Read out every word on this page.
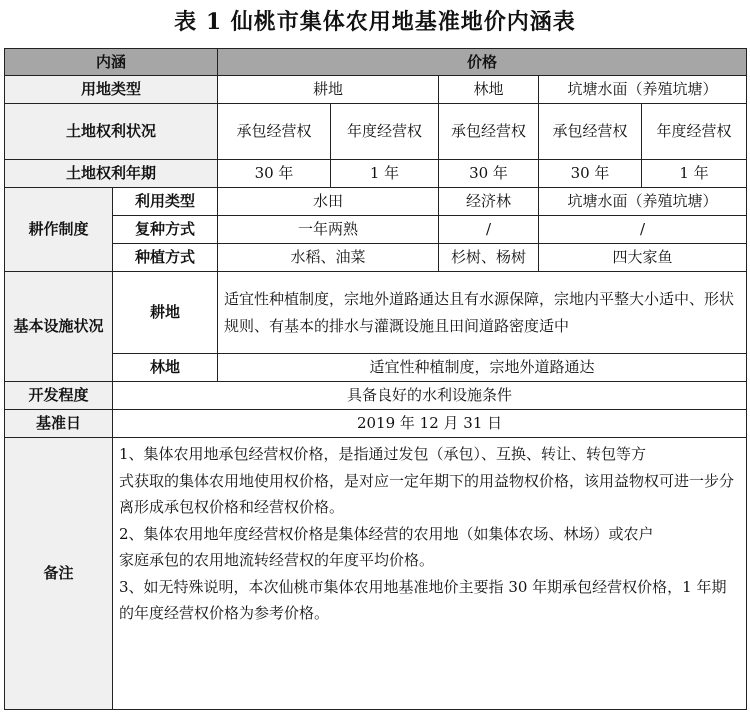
表 1 仙桃市集体农用地基准地价内涵表
内涵		价格				
用地类型		耕地		林地	坑塘水面（养殖坑塘）	
土地权利状况		承包经营权	年度经营权	承包经营权	承包经营权	年度经营权
土地权利年期		30 年	1 年	30 年	30 年	1 年
耕作制度	利用类型	水田		经济林	坑塘水面（养殖坑塘）	
	复种方式	一年两熟		/	/	
	种植方式	水稻、油菜		杉树、杨树	四大家鱼	
基本设施状况	耕地	适宜性种植制度，宗地外道路通达且有水源保障，宗地内平整大小适中、形状规则、有基本的排水与灌溉设施且田间道路密度适中				
	林地	适宜性种植制度，宗地外道路通达				
开发程度	具备良好的水利设施条件					
基准日	2019 年 12 月 31 日					
备注	1、集体农用地承包经营权价格，是指通过发包（承包）、互换、转让、转包等方
式获取的集体农用地使用权价格，是对应一定年期下的用益物权价格，该用益物权可进一步分离形成承包权价格和经营权价格。
2、集体农用地年度经营权价格是集体经营的农用地（如集体农场、林场）或农户
家庭承包的农用地流转经营权的年度平均价格。
3、如无特殊说明，本次仙桃市集体农用地基准地价主要指 30 年期承包经营权价格，1 年期的年度经营权价格为参考价格。					
